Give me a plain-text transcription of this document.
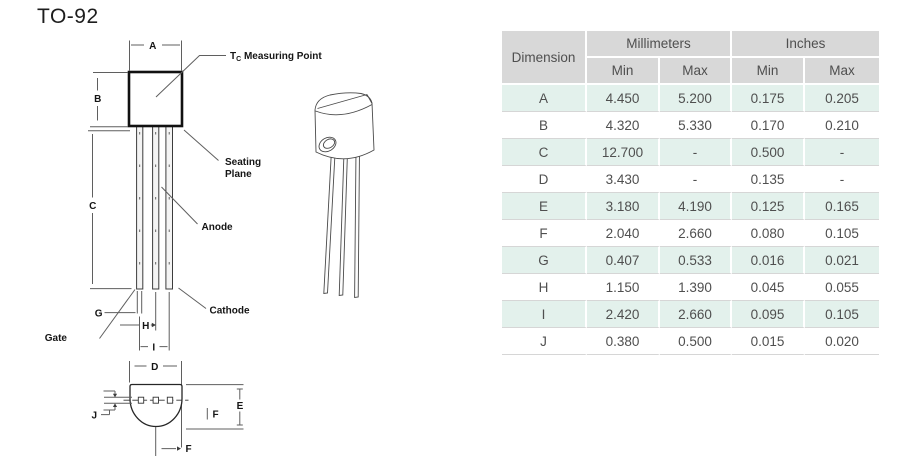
TO-92
A
B
C
$T_C$ Measuring Point
Seating
Plane
Anode
Cathode
G
Gate
H
I
D
J
E
F
F
Dimension	Millimeters		Inches	
	Min	Max	Min	Max
A	4.450	5.200	0.175	0.205
B	4.320	5.330	0.170	0.210
C	12.700	-	0.500	-
D	3.430	-	0.135	-
E	3.180	4.190	0.125	0.165
F	2.040	2.660	0.080	0.105
G	0.407	0.533	0.016	0.021
H	1.150	1.390	0.045	0.055
I	2.420	2.660	0.095	0.105
J	0.380	0.500	0.015	0.020
